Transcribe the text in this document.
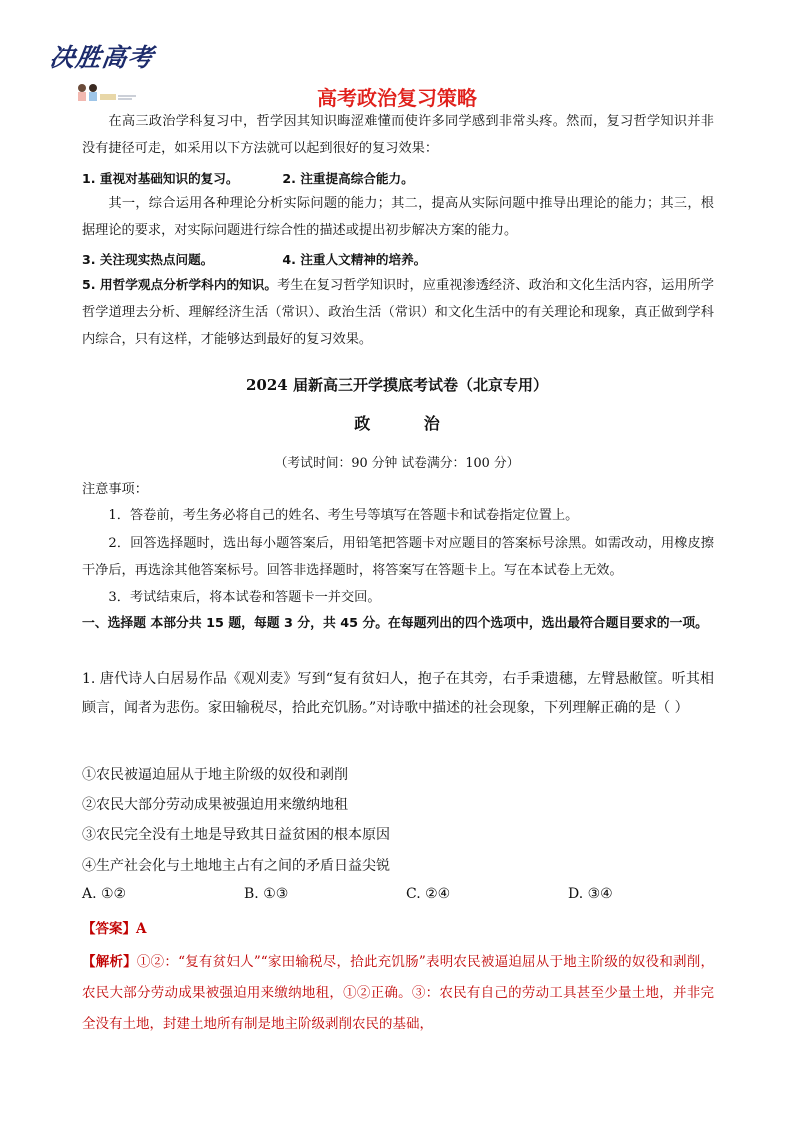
决胜高考
高考政治复习策略
在高三政治学科复习中，哲学因其知识晦涩难懂而使许多同学感到非常头疼。然而，复习哲学知识并非没有捷径可走，如采用以下方法就可以起到很好的复习效果：
1. 重视对基础知识的复习。	2. 注重提高综合能力。
其一，综合运用各种理论分析实际问题的能力；其二，提高从实际问题中推导出理论的能力；其三，根据理论的要求，对实际问题进行综合性的描述或提出初步解决方案的能力。
3. 关注现实热点问题。	4. 注重人文精神的培养。
5. 用哲学观点分析学科内的知识。考生在复习哲学知识时，应重视渗透经济、政治和文化生活内容，运用所学哲学道理去分析、理解经济生活（常识）、政治生活（常识）和文化生活中的有关理论和现象，真正做到学科内综合，只有这样，才能够达到最好的复习效果。
2024 届新高三开学摸底考试卷（北京专用）
政	治
（考试时间：90 分钟 试卷满分：100 分）
注意事项：
1．答卷前，考生务必将自己的姓名、考生号等填写在答题卡和试卷指定位置上。
2．回答选择题时，选出每小题答案后，用铅笔把答题卡对应题目的答案标号涂黑。如需改动，用橡皮擦干净后，再选涂其他答案标号。回答非选择题时，将答案写在答题卡上。写在本试卷上无效。
3．考试结束后，将本试卷和答题卡一并交回。
一、选择题 本部分共 15 题，每题 3 分，共 45 分。在每题列出的四个选项中，选出最符合题目要求的一项。
1. 唐代诗人白居易作品《观刈麦》写到“复有贫妇人，抱子在其旁，右手秉遗穗，左臂悬敝筐。听其相顾言，闻者为悲伤。家田输税尽，拾此充饥肠。”对诗歌中描述的社会现象，下列理解正确的是（ ）
①农民被逼迫屈从于地主阶级的奴役和剥削
②农民大部分劳动成果被强迫用来缴纳地租
③农民完全没有土地是导致其日益贫困的根本原因
④生产社会化与土地地主占有之间的矛盾日益尖锐
A. ①②	B. ①③	C. ②④	D. ③④
【答案】A
【解析】①②：“复有贫妇人”“家田输税尽，拾此充饥肠”表明农民被逼迫屈从于地主阶级的奴役和剥削，农民大部分劳动成果被强迫用来缴纳地租，①②正确。③：农民有自己的劳动工具甚至少量土地，并非完全没有土地，封建土地所有制是地主阶级剥削农民的基础，
